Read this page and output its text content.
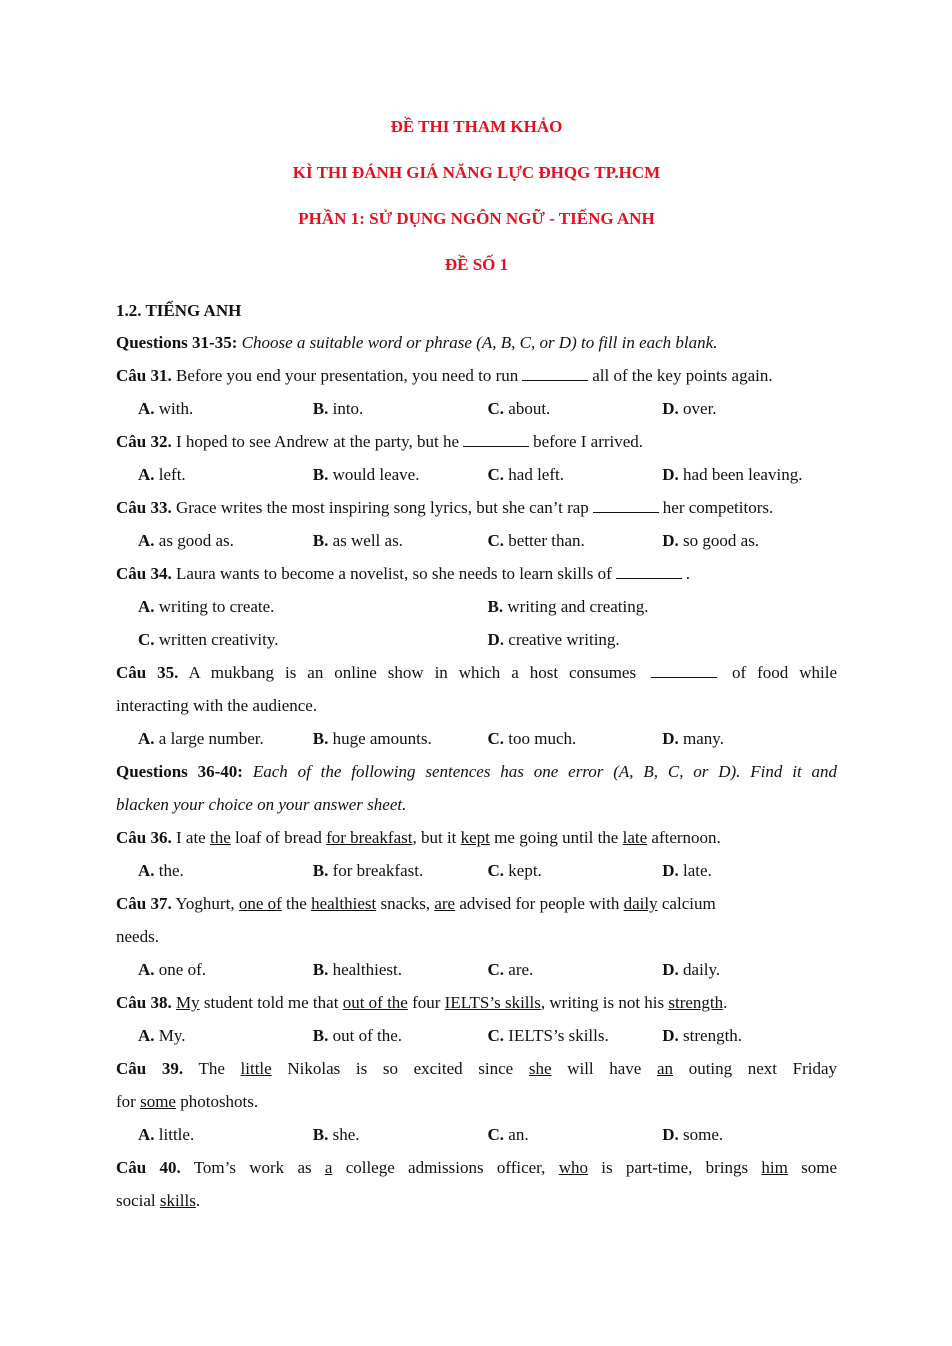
ĐỀ THI THAM KHẢO
KÌ THI ĐÁNH GIÁ NĂNG LỰC ĐHQG TP.HCM
PHẦN 1: SỬ DỤNG NGÔN NGỮ - TIẾNG ANH
ĐỀ SỐ 1
1.2. TIẾNG ANH
Questions 31-35: Choose a suitable word or phrase (A, B, C, or D) to fill in each blank.
Câu 31. Before you end your presentation, you need to run	all of the key points again.
A. with.	B. into.	C. about.	D. over.
Câu 32. I hoped to see Andrew at the party, but he	before I arrived.
A. left.	B. would leave.	C. had left.	D. had been leaving.
Câu 33. Grace writes the most inspiring song lyrics, but she can’t rap	her competitors.
A. as good as.	B. as well as.	C. better than.	D. so good as.
Câu 34. Laura wants to become a novelist, so she needs to learn skills of	.
A. writing to create.	B. writing and creating.
C. written creativity.	D. creative writing.
Câu 35. A mukbang is an online show in which a host consumes	of food while
interacting with the audience.
A. a large number.	B. huge amounts.	C. too much.	D. many.
Questions 36-40: Each of the following sentences has one error (A, B, C, or D). Find it and
blacken your choice on your answer sheet.
Câu 36. I ate the loaf of bread for breakfast, but it kept me going until the late afternoon.
A. the.	B. for breakfast.	C. kept.	D. late.
Câu 37. Yoghurt, one of the healthiest snacks, are advised for people with daily calcium
needs.
A. one of.	B. healthiest.	C. are.	D. daily.
Câu 38. My student told me that out of the four IELTS’s skills, writing is not his strength.
A. My.	B. out of the.	C. IELTS’s skills.	D. strength.
Câu 39. The little Nikolas is so excited since she will have an outing next Friday
for some photoshots.
A. little.	B. she.	C. an.	D. some.
Câu 40. Tom’s work as a college admissions officer, who is part-time, brings him some
social skills.
